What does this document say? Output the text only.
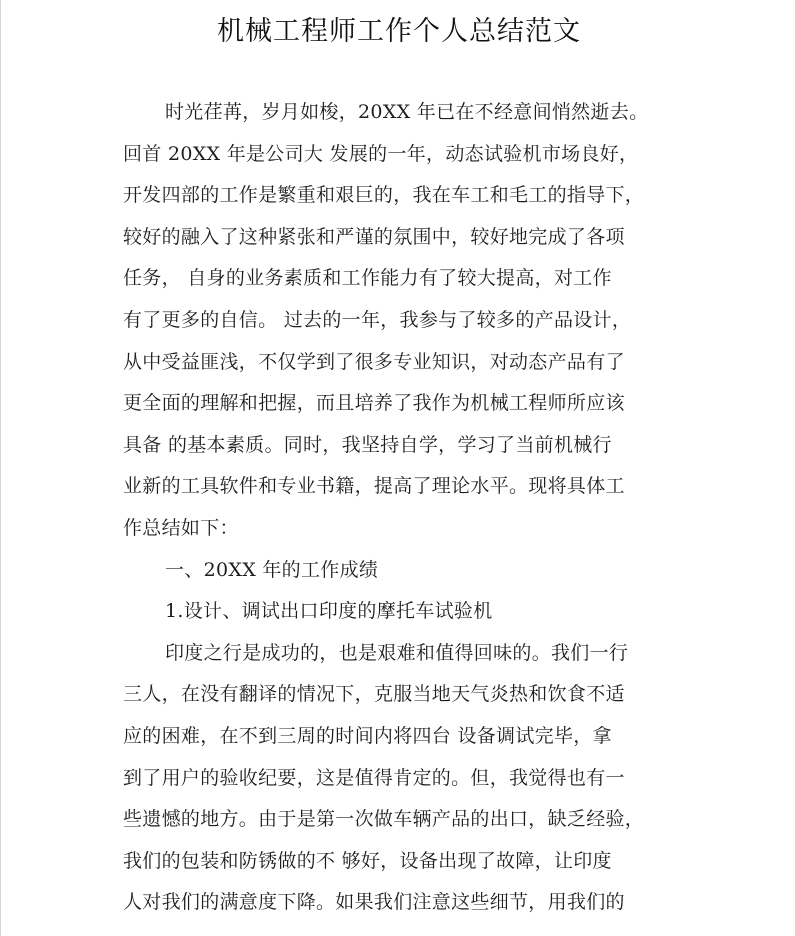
机械工程师工作个人总结范文
时光荏苒，岁月如梭，20XX 年已在不经意间悄然逝去。
回首 20XX 年是公司大 发展的一年，动态试验机市场良好，
开发四部的工作是繁重和艰巨的，我在车工和毛工的指导下，
较好的融入了这种紧张和严谨的氛围中，较好地完成了各项
任务， 自身的业务素质和工作能力有了较大提高，对工作
有了更多的自信。 过去的一年，我参与了较多的产品设计，
从中受益匪浅，不仅学到了很多专业知识，对动态产品有了
更全面的理解和把握，而且培养了我作为机械工程师所应该
具备 的基本素质。同时，我坚持自学，学习了当前机械行
业新的工具软件和专业书籍，提高了理论水平。现将具体工
作总结如下：
一、20XX 年的工作成绩
1.设计、调试出口印度的摩托车试验机
印度之行是成功的，也是艰难和值得回味的。我们一行
三人，在没有翻译的情况下，克服当地天气炎热和饮食不适
应的困难，在不到三周的时间内将四台 设备调试完毕，拿
到了用户的验收纪要，这是值得肯定的。但，我觉得也有一
些遗憾的地方。由于是第一次做车辆产品的出口，缺乏经验，
我们的包装和防锈做的不 够好，设备出现了故障，让印度
人对我们的满意度下降。如果我们注意这些细节，用我们的
